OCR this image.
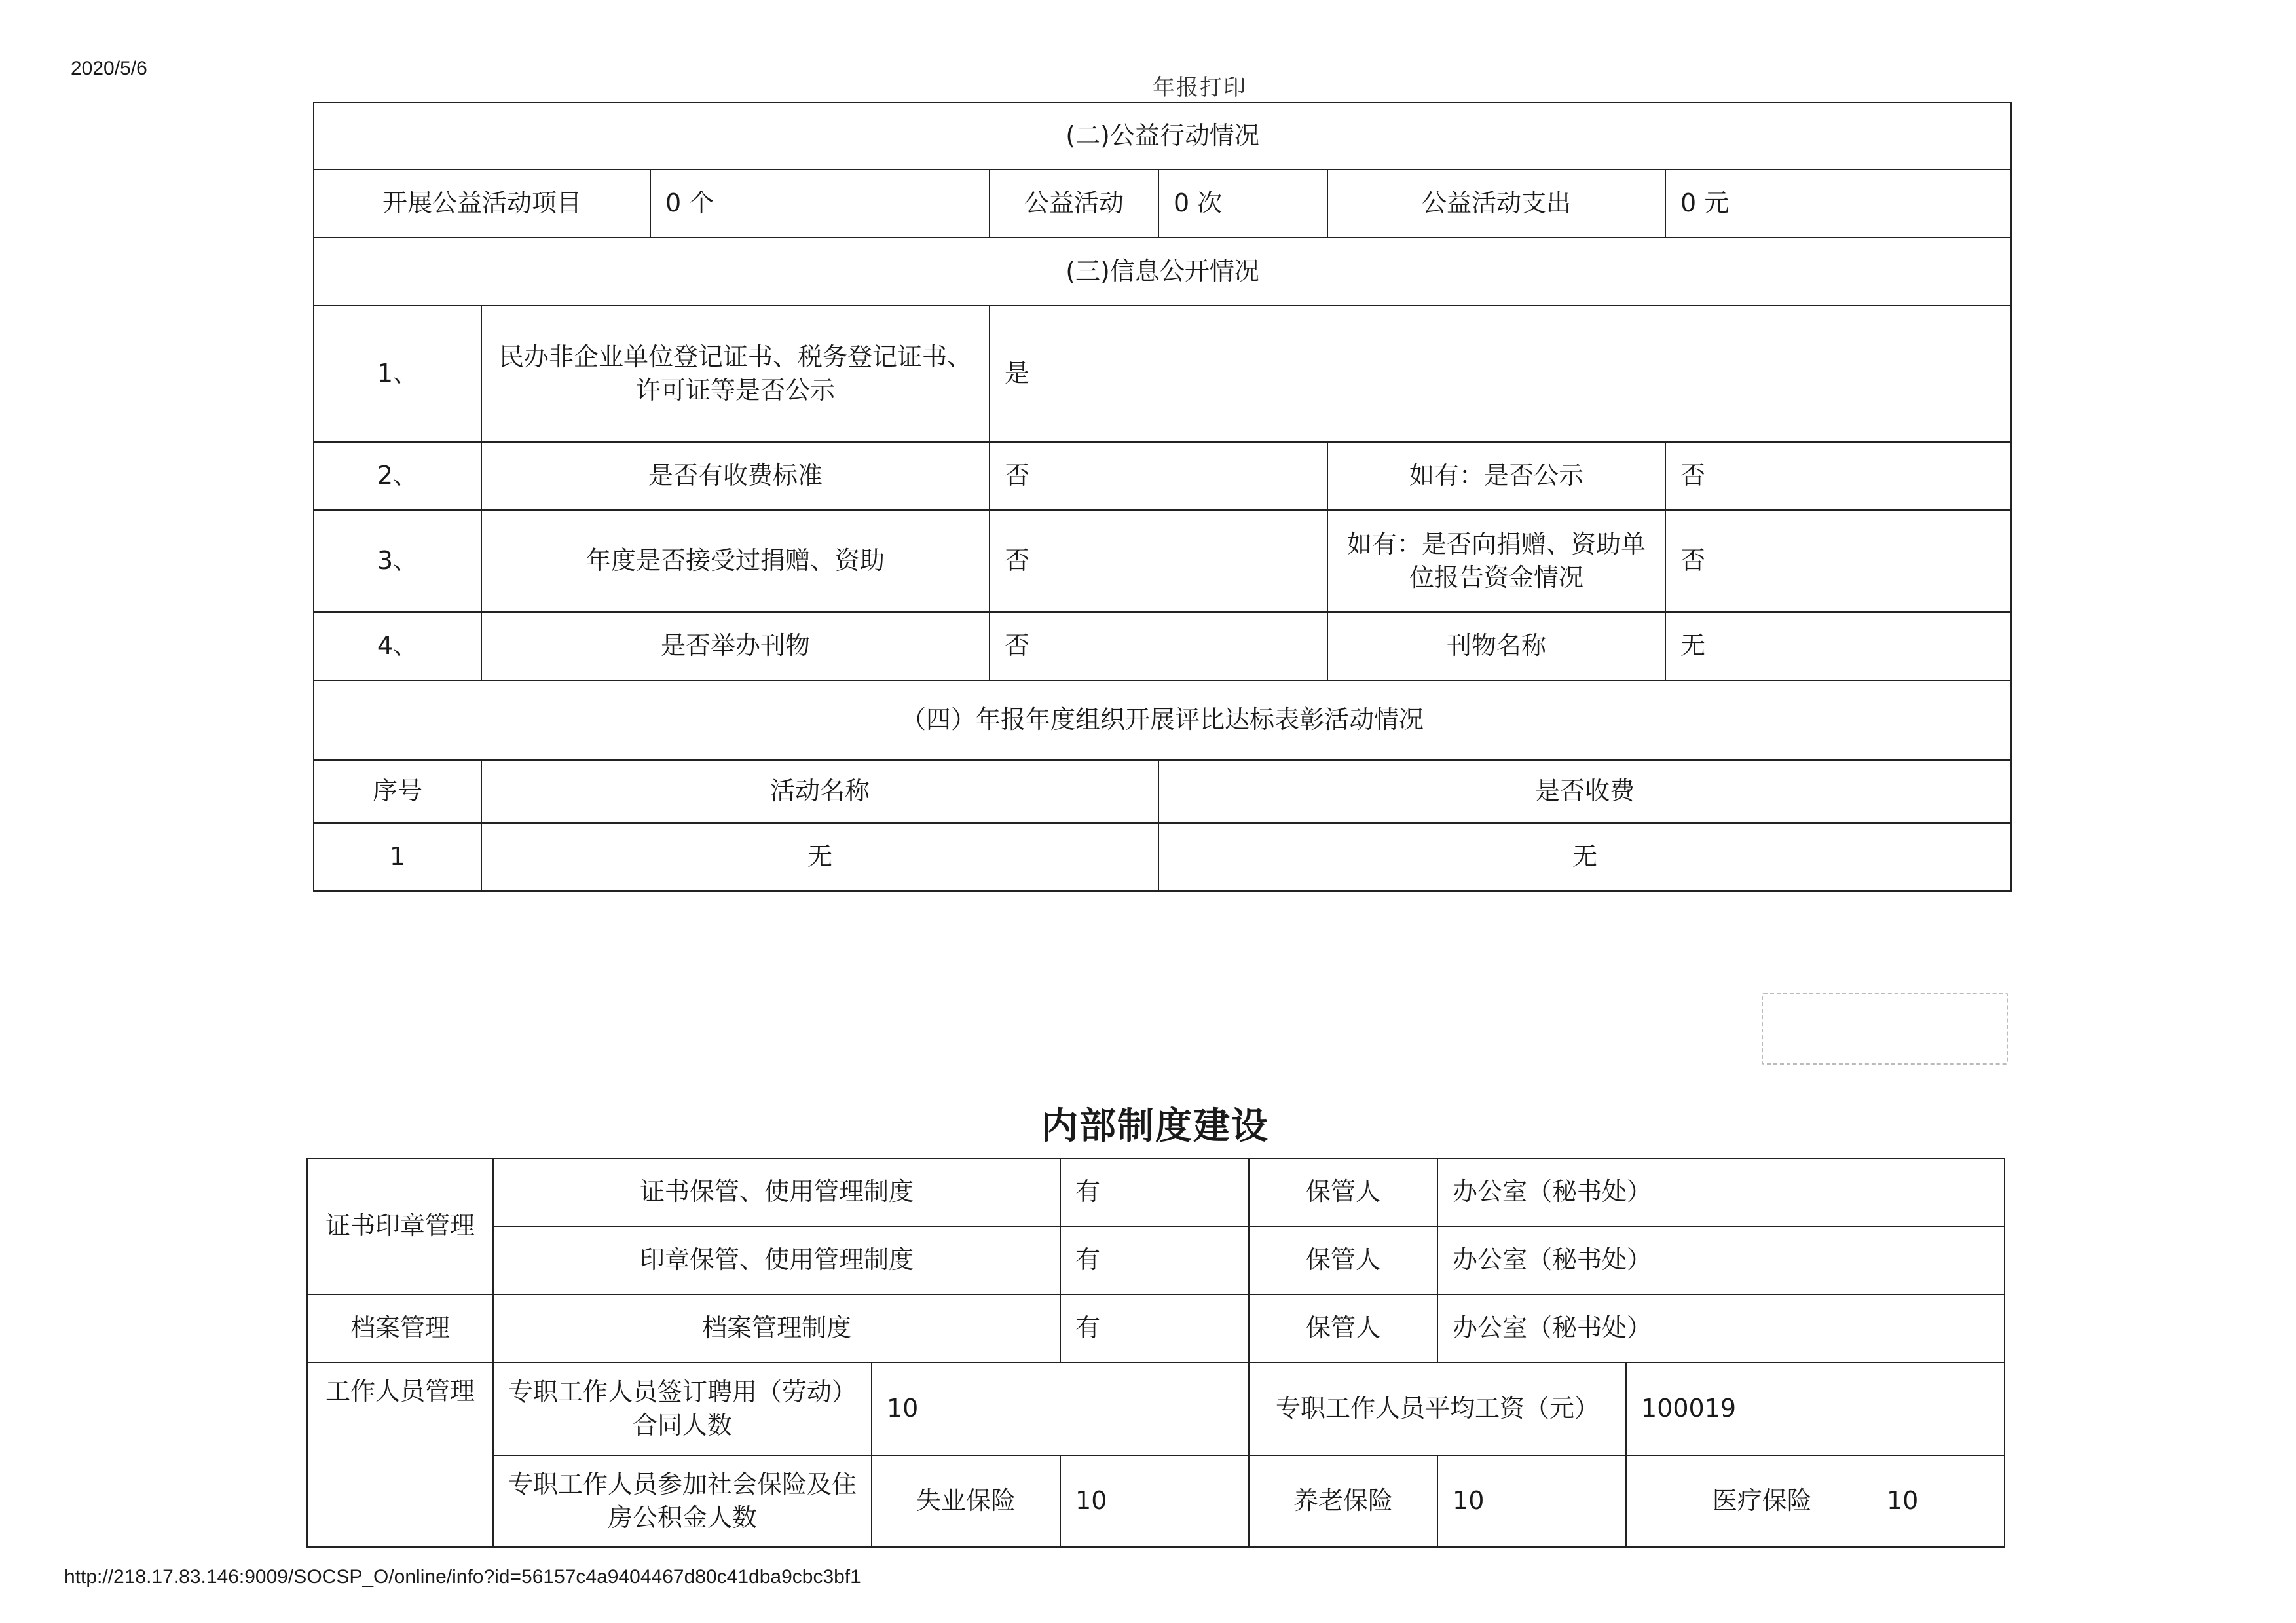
2020/5/6
年报打印
(二)公益行动情况						
开展公益活动项目		0 个	公益活动	0 次	公益活动支出	0 元
(三)信息公开情况						
1、	民办非企业单位登记证书、税务登记证书、许可证等是否公示		是			
2、	是否有收费标准		否		如有：是否公示	否
3、	年度是否接受过捐赠、资助		否		如有：是否向捐赠、资助单位报告资金情况	否
4、	是否举办刊物		否		刊物名称	无
（四）年报年度组织开展评比达标表彰活动情况						
序号	活动名称			是否收费		
1	无			无		
内部制度建设
证书印章管理	证书保管、使用管理制度		有	保管人	办公室（秘书处）	
	印章保管、使用管理制度		有	保管人	办公室（秘书处）	
档案管理	档案管理制度		有	保管人	办公室（秘书处）	
工作人员管理	专职工作人员签订聘用（劳动）合同人数	10		专职工作人员平均工资（元）		100019
	专职工作人员参加社会保险及住房公积金人数	失业保险	10	养老保险	10	医疗保险 10
http://218.17.83.146:9009/SOCSP_O/online/info?id=56157c4a9404467d80c41dba9cbc3bf1
